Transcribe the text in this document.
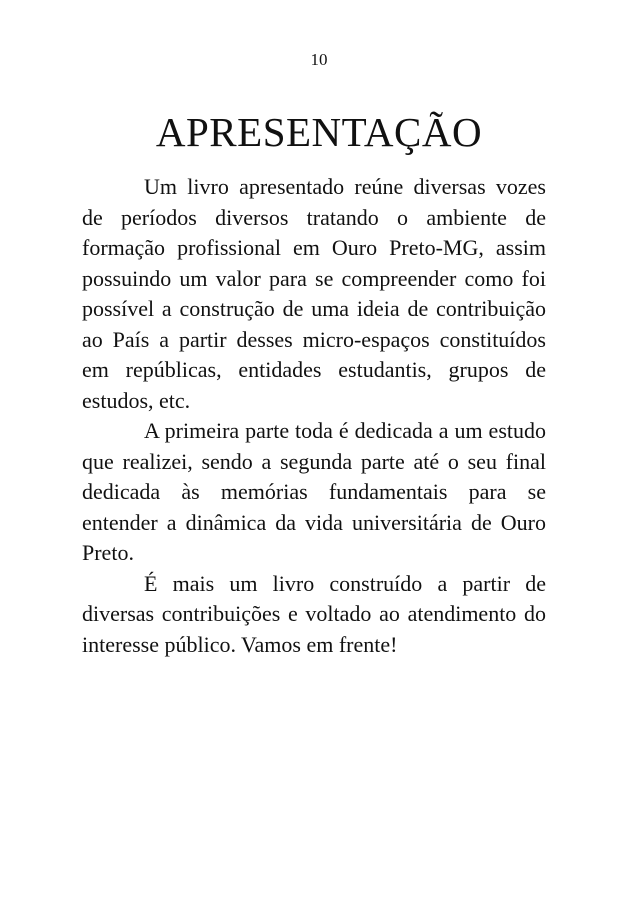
10
APRESENTAÇÃO

Um livro apresentado reúne diversas vozes de períodos diversos tratando o ambiente de formação profissional em Ouro Preto-MG, assim possuindo um valor para se compreender como foi possível a construção de uma ideia de contribuição ao País a partir desses micro-espaços constituídos em repúblicas, entidades estudantis, grupos de estudos, etc.

A primeira parte toda é dedicada a um estudo que realizei, sendo a segunda parte até o seu final dedicada às memórias fundamentais para se entender a dinâmica da vida universitária de Ouro Preto.

É mais um livro construído a partir de diversas contribuições e voltado ao atendimento do interesse público. Vamos em frente!
